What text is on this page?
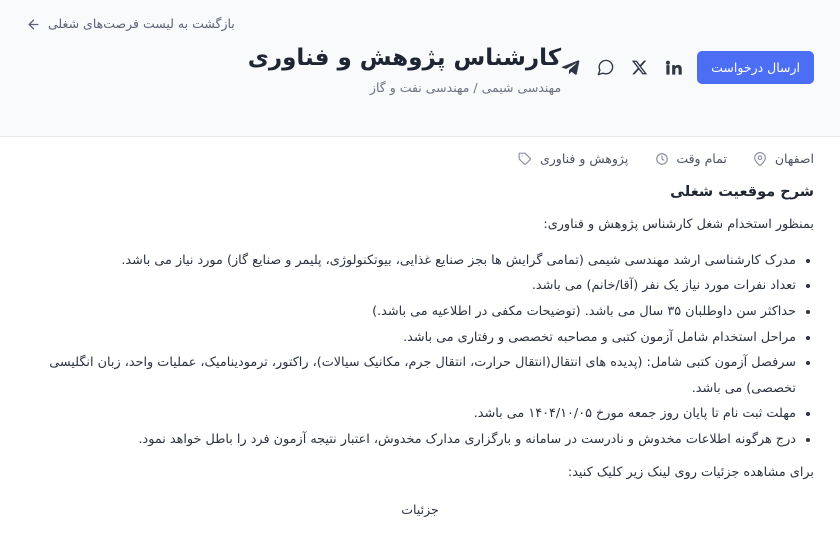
بازگشت به لیست فرصت‌های شغلی
ارسال درخواست
کارشناس پژوهش و فناوری

مهندسی شیمی / مهندسی نفت و گاز

اصفهان
تمام وقت
پژوهش و فناوری
شرح موقعیت شغلی

بمنظور استخدام شغل کارشناس پژوهش و فناوری:

• مدرک کارشناسی ارشد مهندسی شیمی (تمامی گرایش ها بجز صنایع غذایی، بیوتکنولوژی، پلیمر و صنایع گاز) مورد نیاز می باشد.
• تعداد نفرات مورد نیاز یک نفر (آقا/خانم) می باشد.
• حداکثر سن داوطلبان ۳۵ سال می باشد. (توضیحات مکفی در اطلاعیه می باشد.)
• مراحل استخدام شامل آزمون کتبی و مصاحبه تخصصی و رفتاری می باشد.
• سرفصل آزمون کتبی شامل: (پدیده های انتقال(انتقال حرارت، انتقال جرم، مکانیک سیالات)، راکتور، ترمودینامیک، عملیات واحد، زبان انگلیسی تخصصی) می باشد.
• مهلت ثبت نام تا پایان روز جمعه مورخ ۱۴۰۴/۱۰/۰۵ می باشد.
• درج هرگونه اطلاعات مخدوش و نادرست در سامانه و بارگزاری مدارک مخدوش، اعتبار نتیجه آزمون فرد را باطل خواهد نمود.

برای مشاهده جزئیات روی لینک زیر کلیک کنید:

جزئیات
